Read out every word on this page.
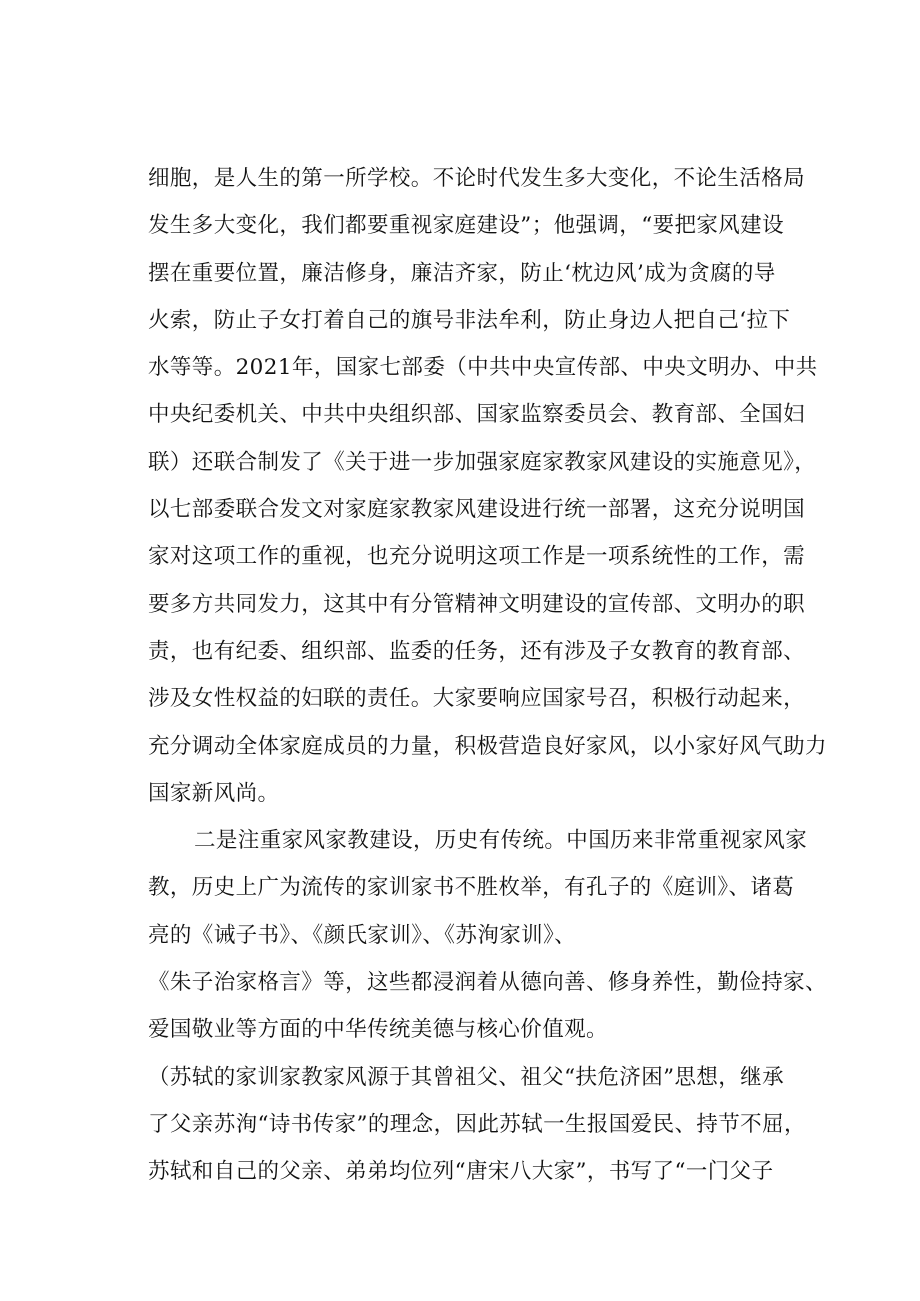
细胞，是人生的第一所学校。不论时代发生多大变化，不论生活格局
发生多大变化，我们都要重视家庭建设”；他强调，“要把家风建设
摆在重要位置，廉洁修身，廉洁齐家，防止‘枕边风’成为贪腐的导
火索，防止子女打着自己的旗号非法牟利，防止身边人把自己‘拉下
水等等。2021年，国家七部委（中共中央宣传部、中央文明办、中共
中央纪委机关、中共中央组织部、国家监察委员会、教育部、全国妇
联）还联合制发了《关于进一步加强家庭家教家风建设的实施意见》，
以七部委联合发文对家庭家教家风建设进行统一部署，这充分说明国
家对这项工作的重视，也充分说明这项工作是一项系统性的工作，需
要多方共同发力，这其中有分管精神文明建设的宣传部、文明办的职
责，也有纪委、组织部、监委的任务，还有涉及子女教育的教育部、
涉及女性权益的妇联的责任。大家要响应国家号召，积极行动起来，
充分调动全体家庭成员的力量，积极营造良好家风，以小家好风气助力
国家新风尚。
二是注重家风家教建设，历史有传统。中国历来非常重视家风家
教，历史上广为流传的家训家书不胜枚举，有孔子的《庭训》、诸葛
亮的《诫子书》、《颜氏家训》、《苏洵家训》、
《朱子治家格言》等，这些都浸润着从德向善、修身养性，勤俭持家、
爱国敬业等方面的中华传统美德与核心价值观。
（苏轼的家训家教家风源于其曾祖父、祖父“扶危济困”思想，继承
了父亲苏洵“诗书传家”的理念，因此苏轼一生报国爱民、持节不屈，
苏轼和自己的父亲、弟弟均位列“唐宋八大家”，书写了“一门父子
